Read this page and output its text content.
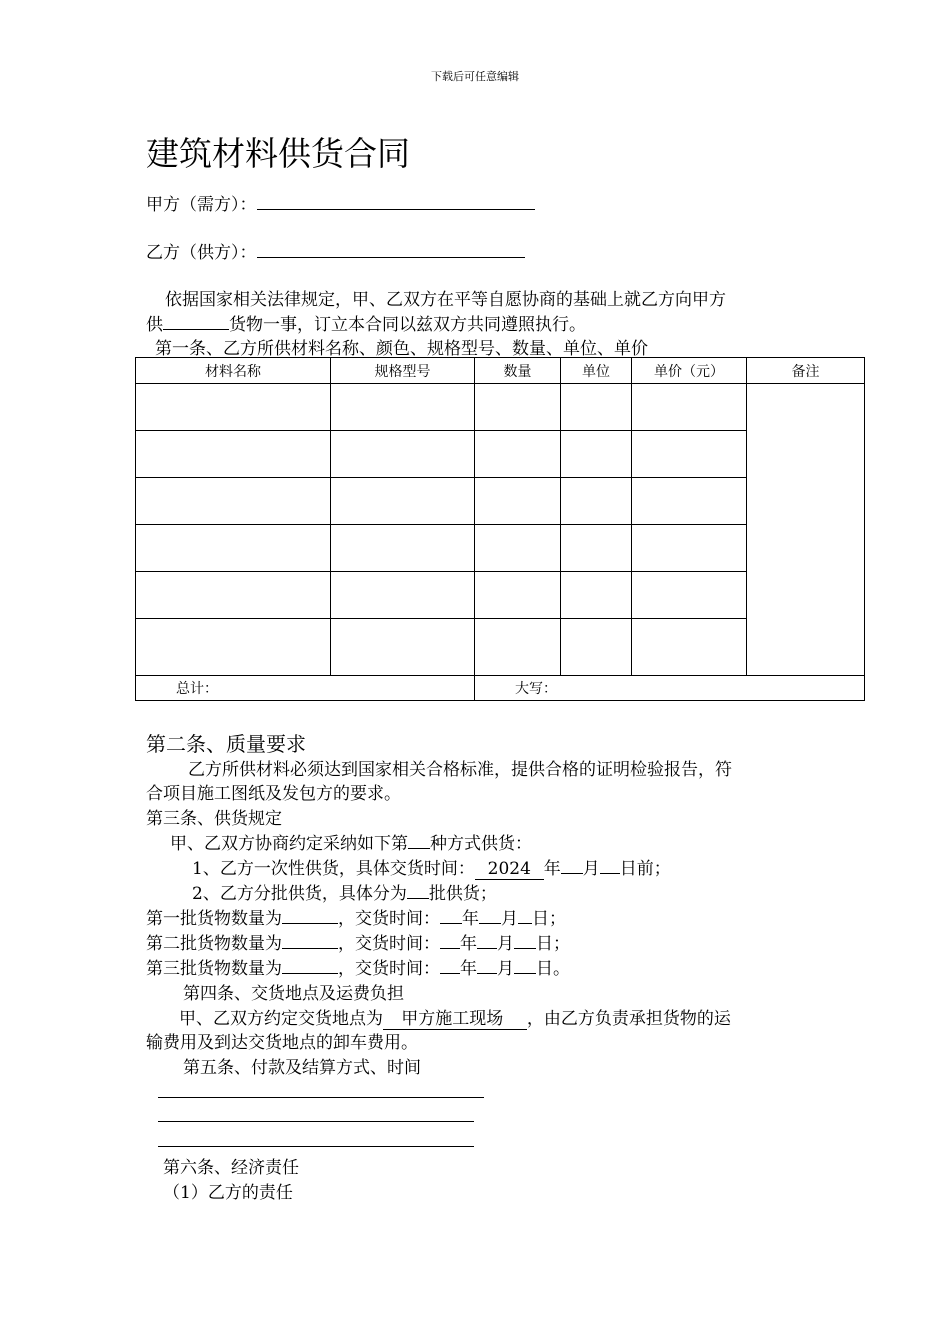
下载后可任意编辑
建筑材料供货合同
甲方（需方）：
乙方（供方）：
依据国家相关法律规定，甲、乙双方在平等自愿协商的基础上就乙方向甲方
供	货物一事，订立本合同以兹双方共同遵照执行。
第一条、乙方所供材料名称、颜色、规格型号、数量、单位、单价
材料名称	规格型号	数量	单位	单价（元）	备注

总计：		大写：			
第二条、质量要求
乙方所供材料必须达到国家相关合格标准，提供合格的证明检验报告，符
合项目施工图纸及发包方的要求。
第三条、供货规定
甲、乙双方协商约定采纳如下第 种方式供货：
1、乙方一次性供货，具体交货时间： 2024 年 月 日前；
2、乙方分批供货，具体分为 批供货；
第一批货物数量为	，交货时间： 年 月 日；
第二批货物数量为	，交货时间： 年 月 日；
第三批货物数量为	，交货时间： 年 月 日。
第四条、交货地点及运费负担
甲、乙双方约定交货地点为 甲方施工现场 ，由乙方负责承担货物的运
输费用及到达交货地点的卸车费用。
第五条、付款及结算方式、时间
第六条、经济责任
（1）乙方的责任
